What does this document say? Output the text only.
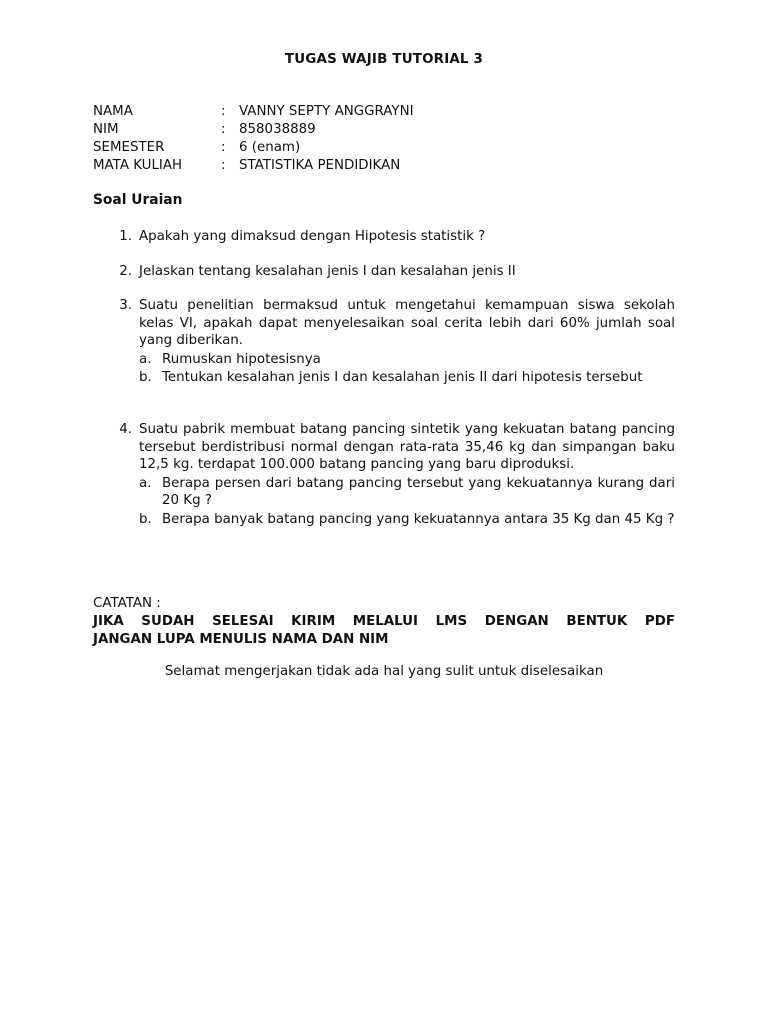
TUGAS WAJIB TUTORIAL 3
NAMA	: VANNY SEPTY ANGGRAYNI
NIM	: 858038889
SEMESTER	: 6 (enam)
MATA KULIAH	: STATISTIKA PENDIDIKAN
Soal Uraian
1. Apakah yang dimaksud dengan Hipotesis statistik ?
2. Jelaskan tentang kesalahan jenis I dan kesalahan jenis II
3. Suatu penelitian bermaksud untuk mengetahui kemampuan siswa sekolah kelas VI, apakah dapat menyelesaikan soal cerita lebih dari 60% jumlah soal yang diberikan.
a. Rumuskan hipotesisnya
b. Tentukan kesalahan jenis I dan kesalahan jenis II dari hipotesis tersebut
4. Suatu pabrik membuat batang pancing sintetik yang kekuatan batang pancing tersebut berdistribusi normal dengan rata-rata 35,46 kg dan simpangan baku 12,5 kg. terdapat 100.000 batang pancing yang baru diproduksi.
a. Berapa persen dari batang pancing tersebut yang kekuatannya kurang dari 20 Kg ?
b. Berapa banyak batang pancing yang kekuatannya antara 35 Kg dan 45 Kg ?
CATATAN :
JIKA SUDAH SELESAI KIRIM MELALUI LMS DENGAN BENTUK PDF
JANGAN LUPA MENULIS NAMA DAN NIM
Selamat mengerjakan tidak ada hal yang sulit untuk diselesaikan
